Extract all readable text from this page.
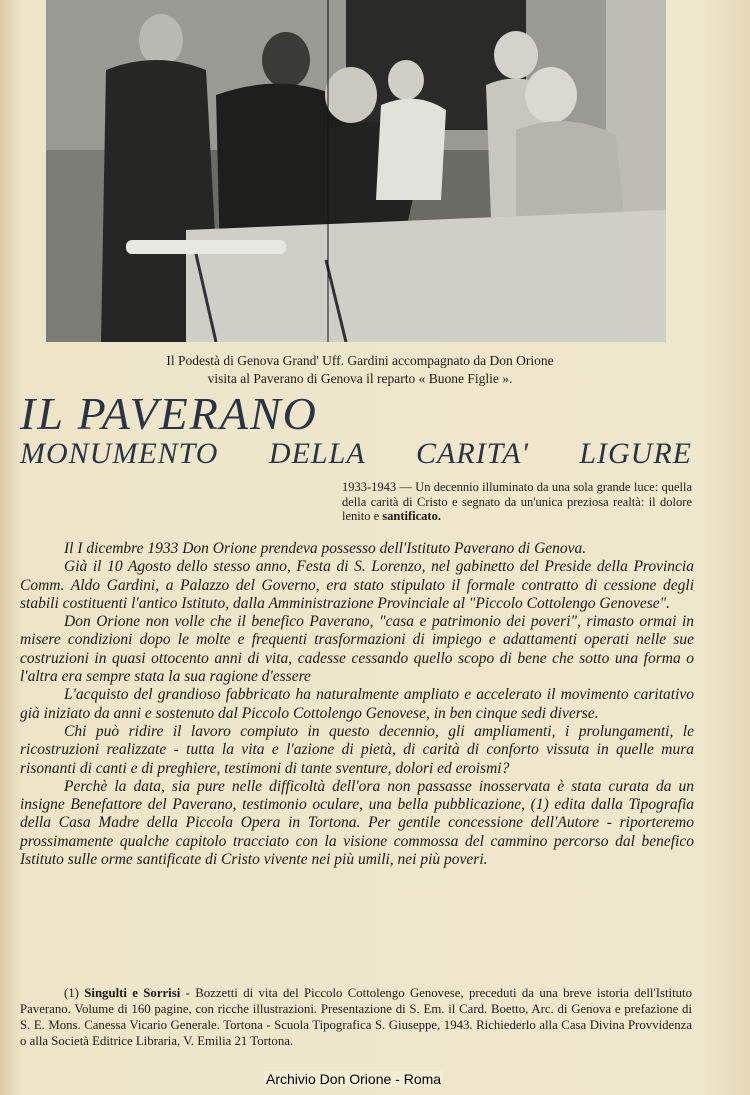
Il Podestà di Genova Grand' Uff. Gardini accompagnato da Don Orione
visita al Paverano di Genova il reparto « Buone Figlie ».
IL PAVERANO
MONUMENTO DELLA CARITA' LIGURE
1933-1943 — Un decennio illuminato da una sola grande luce: quella della carità di Cristo e segnato da un'unica preziosa realtà: il dolore lenito e santificato.

Il I dicembre 1933 Don Orione prendeva possesso dell'Istituto Paverano di Genova.

Già il 10 Agosto dello stesso anno, Festa di S. Lorenzo, nel gabinetto del Preside della Provincia Comm. Aldo Gardini, a Palazzo del Governo, era stato stipulato il formale contratto di cessione degli stabili costituenti l'antico Istituto, dalla Amministrazione Provinciale al "Piccolo Cottolengo Genovese".

Don Orione non volle che il benefico Paverano, "casa e patrimonio dei poveri", rimasto ormai in misere condizioni dopo le molte e frequenti trasformazioni di impiego e adattamenti operati nelle sue costruzioni in quasi ottocento anni di vita, cadesse cessando quello scopo di bene che sotto una forma o l'altra era sempre stata la sua ragione d'essere

L'acquisto del grandioso fabbricato ha naturalmente ampliato e accelerato il movimento caritativo già iniziato da anni e sostenuto dal Piccolo Cottolengo Genovese, in ben cinque sedi diverse.

Chi può ridire il lavoro compiuto in questo decennio, gli ampliamenti, i prolungamenti, le ricostruzioni realizzate - tutta la vita e l'azione di pietà, di carità di conforto vissuta in quelle mura risonanti di canti e di preghiere, testimoni di tante sventure, dolori ed eroismi?

Perchè la data, sia pure nelle difficoltà dell'ora non passasse inosservata è stata curata da un insigne Benefattore del Paverano, testimonio oculare, una bella pubblicazione, (1) edita dalla Tipografia della Casa Madre della Piccola Opera in Tortona. Per gentile concessione dell'Autore - riporteremo prossimamente qualche capitolo tracciato con la visione commossa del cammino percorso dal benefico Istituto sulle orme santificate di Cristo vivente nei più umili, nei più poveri.

(1) Singulti e Sorrisi - Bozzetti di vita del Piccolo Cottolengo Genovese, preceduti da una breve istoria dell'Istituto Paverano. Volume di 160 pagine, con ricche illustrazioni. Presentazione di S. Em. il Card. Boetto, Arc. di Genova e prefazione di S. E. Mons. Canessa Vicario Generale. Tortona - Scuola Tipografica S. Giuseppe, 1943. Richiederlo alla Casa Divina Provvidenza o alla Società Editrice Libraria, V. Emilia 21 Tortona.

Archivio Don Orione - Roma
